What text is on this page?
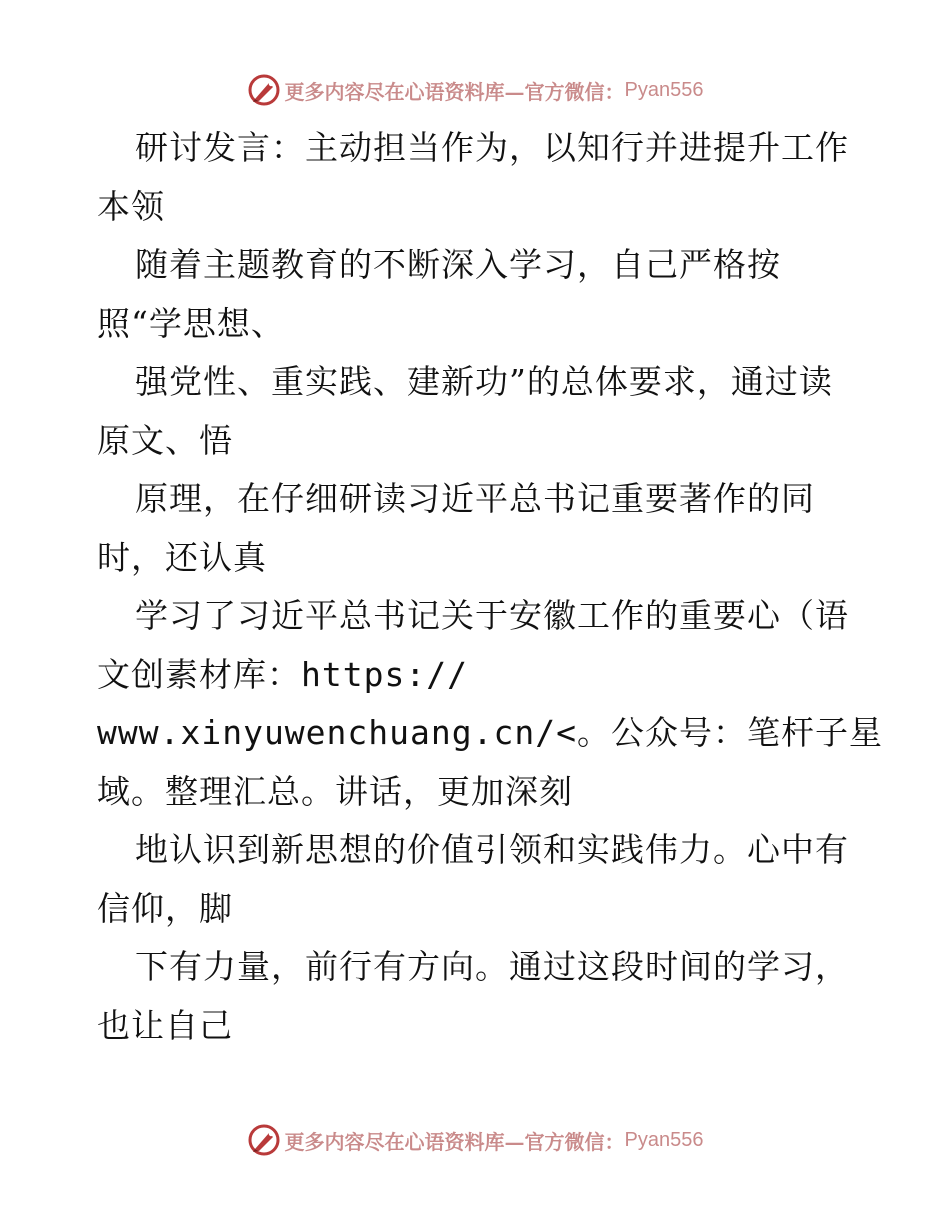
更多内容尽在心语资料库—官方微信： Pyan556
研讨发言：主动担当作为，以知行并进提升工作
本领
随着主题教育的不断深入学习，自己严格按
照“学思想、
强党性、重实践、建新功”的总体要求，通过读
原文、悟
原理，在仔细研读习近平总书记重要著作的同
时，还认真
学习了习近平总书记关于安徽工作的重要心（语
文创素材库：https://
www.xinyuwenchuang.cn/<。公众号：笔杆子星
域。整理汇总。讲话，更加深刻
地认识到新思想的价值引领和实践伟力。心中有
信仰，脚
下有力量，前行有方向。通过这段时间的学习，
也让自己
更多内容尽在心语资料库—官方微信： Pyan556
